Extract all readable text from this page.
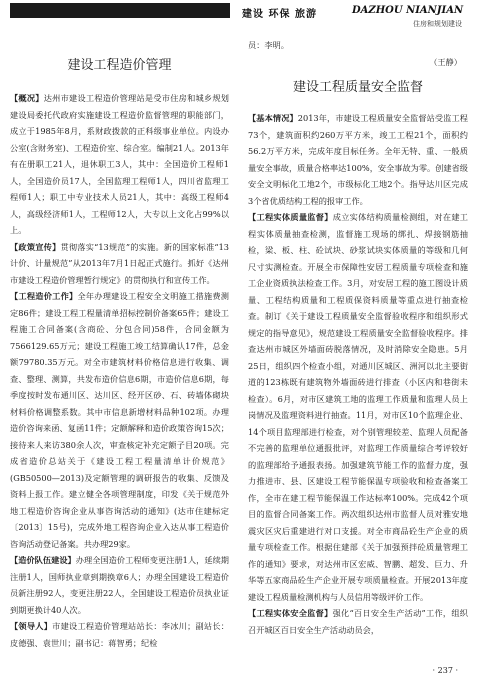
建设 环保 旅游	DAZHOU NIANJIAN
住房和规划建设
建设工程造价管理

【概况】达州市建设工程造价管理站是受市住房和城乡规划建设局委托代政府实施建设工程造价监督管理的职能部门，成立于1985年8月，系财政拨款的正科级事业单位。内设办公室(含财务室)、工程造价室、综合室。编制21人。2013年有在册职工21人，退休职工3人，其中：全国造价工程师1人，全国造价员17人，全国监理工程师1人，四川省监理工程师1人；职工中专业技术人员21人，其中：高级工程师4人，高级经济师1人，工程师12人，大专以上文化占99%以上。

【政策宣传】贯彻落实“13规范”的实施。新的国家标准“13计价、计量规范”从2013年7月1日起正式施行。抓好《达州市建设工程造价管理暂行规定》的贯彻执行和宣传工作。

【工程造价工作】全年办理建设工程安全文明施工措施费测定86件；建设工程工程量清单招标控制价备案65件；建设工程施工合同备案(含商砼、分包合同)58件，合同金额为7566129.65万元；建设工程施工竣工结算确认17件，总金额79780.35万元。对全市建筑材料价格信息进行收集、调查、整理、测算，共发布造价信息6期，市造价信息6期，每季度按时发布通川区、达川区、经开区砂、石、砖墙体砌块材料价格调整系数。其中市信息新增材料品种102项。办理造价咨询来函、复函11件；定额解释和造价政策咨询15次；接待来人来访380余人次，审查核定补充定额子目20项。完成省造价总站关于《建设工程工程量清单计价规范》(GB50500—2013)及定额管理的调研报告的收集、反馈及资料上报工作。建立健全各项管理制度，印发《关于规范外地工程造价咨询企业从事咨询活动的通知》(达市住建标定〔2013〕15号)，完成外地工程咨询企业入达从事工程造价咨询活动登记备案。共办理29家。

【造价队伍建设】办理全国造价工程师变更注册1人，延续期注册1人，国师执业章到期换章6人；办理全国建设工程造价员新注册92人，变更注册22人，全国建设工程造价员执业证到期更换计40人次。

【领导人】市建设工程造价管理站站长：李冰川；副站长：皮德强、袁世川；副书记：蒋智勇；纪检

员：李明。

（王静）

建设工程质量安全监督

【基本情况】2013年，市建设工程质量安全监督站受监工程73个，建筑面积约260万平方米，竣工工程21个，面积约56.2万平方米，完成年度目标任务。全年无特、重、一般质量安全事故，质量合格率达100%，安全事故为零。创建省级安全文明标化工地2个，市级标化工地2个。指导达川区完成3个省优质结构工程的报审工作。

【工程实体质量监督】成立实体结构质量检测组，对在建工程实体质量抽查检测，监督施工现场的绑扎、焊接钢筋抽检，梁、板、柱、砼试块、砂浆试块实体质量的等级和几何尺寸实测检查。开展全市保障性安居工程质量专项检查和施工企业资质执法检查工作。3月，对安居工程的施工图设计质量、工程结构质量和工程质保资料质量等重点进行抽查检查。制订《关于建设工程质量安全监督验收程序和组织形式规定的指导意见》，规范建设工程质量安全监督验收程序。排查达州市城区外墙面砖脱落情况，及时消除安全隐患。5月25日，组织四个检查小组，对通川区城区、洲河以北主要街道的123栋既有建筑物外墙面砖进行排查（小区内和巷街未检查）。6月，对市区建筑工地的监理工作质量和监理人员上岗情况及监理资料进行抽查。11月，对市区10个监理企业、14个项目监理部进行检查，对个别管理较差、监理人员配备不完善的监理单位通报批评，对监理工作质量综合考评较好的监理部给予通报表扬。加强建筑节能工作的监督力度，强力推进市、县、区建设工程节能保温专项验收和检查备案工作，全市在建工程节能保温工作达标率100%。完成42个项目的监督合同备案工作。两次组织达州市监督人员对雅安地震灾区灾后重建进行对口支援。对全市商品砼生产企业的质量专项检查工作。根据住建部《关于加强预拌砼质量管理工作的通知》要求，对达州市区宏威、智鹏、超发、巨力、升华等五家商品砼生产企业开展专项质量检查。开展2013年度建设工程质量检测机构与人员信用等级评价工作。

【工程实体安全监督】强化“百日安全生产活动”工作，组织召开城区百日安全生产活动动员会，

· 237 ·
